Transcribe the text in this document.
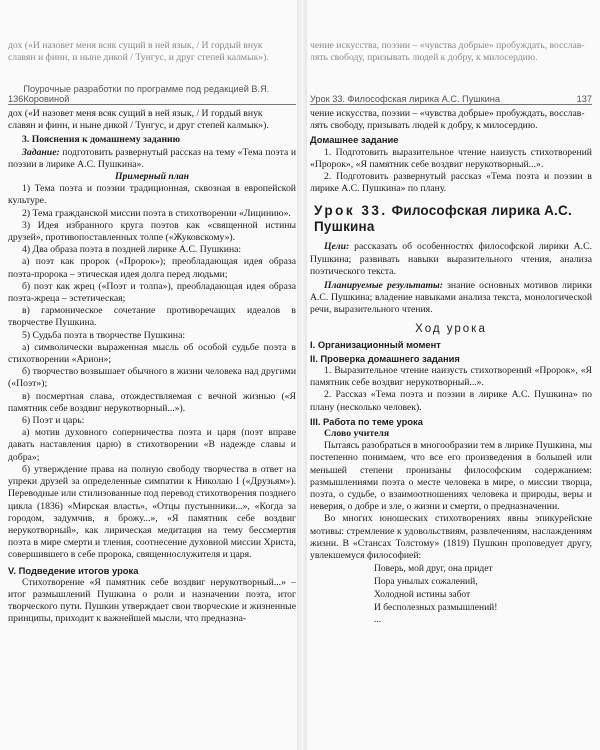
дох («И назовет меня всяк сущий в ней язык, / И гордый внук

славян и финн, и ныне дикой / Тунгус, и друг степей калмык»).

136
Поурочные разработки по программе под редакцией В.Я. Коровиной

дох («И назовет меня всяк сущий в ней язык, / И гордый внук

славян и финн, и ныне дикой / Тунгус, и друг степей калмык»).

3. Пояснения к домашнему заданию

Задание: подготовить развернутый рассказ на тему «Тема поэта и поэзии в лирике А.С. Пушкина».

Примерный план

1) Тема поэта и поэзии традиционная, сквозная в европейской культуре.

2) Тема гражданской миссии поэта в стихотворении «Лицинию».

3) Идея избранного круга поэтов как «священной истины друзей», противопоставленных толпе («Жуковскому»).

4) Два образа поэта в поздней лирике А.С. Пушкина:

а) поэт как пророк («Пророк»); преобладающая идея образа поэта-пророка – этическая идея долга перед людьми;

б) поэт как жрец («Поэт и толпа»), преобладающая идея образа поэта-жреца – эстетическая;

в) гармоническое сочетание противоречащих идеалов в творчестве Пушкина.

5) Судьба поэта в творчестве Пушкина:

а) символически выраженная мысль об особой судьбе поэта в стихотворении «Арион»;

б) творчество возвышает обычного в жизни человека над другими («Поэт»);

в) посмертная слава, отождествляемая с вечной жизнью («Я памятник себе воздвиг нерукотворный...»).

6) Поэт и царь:

а) мотив духовного соперничества поэта и царя (поэт вправе давать наставления царю) в стихотворении «В надежде славы и добра»;

б) утверждение права на полную свободу творчества в ответ на упреки друзей за определенные симпатии к Николаю I («Друзьям»). Переводные или стилизованные под перевод стихотворения позднего цикла (1836) «Мирская власть», «Отцы пустынники...», «Когда за городом, задумчив, я брожу...», «Я памятник себе воздвиг нерукотворный», как лирическая медитация на тему бессмертия поэта в мире смерти и тления, соотнесение духовной миссии Христа, совершившего в себе пророка, священнослужителя и царя.

V. Подведение итогов урока

Стихотворение «Я памятник себе воздвиг нерукотворный...» – итог размышлений Пушкина о роли и назначении поэта, итог творческого пути. Пушкин утверждает свои творческие и жизненные принципы, приходит к важнейшей мысли, что предназна-

чение искусства, поэзии – «чувства добрые» пробуждать, восслав-

лять свободу, призывать людей к добру, к милосердию.

Урок 33. Философская лирика А.С. Пушкина	137

чение искусства, поэзии – «чувства добрые» пробуждать, восслав-

лять свободу, призывать людей к добру, к милосердию.

Домашнее задание

1. Подготовить выразительное чтение наизусть стихотворений «Пророк», «Я памятник себе воздвиг нерукотворный...».

2. Подготовить развернутый рассказ «Тема поэта и поэзии в лирике А.С. Пушкина» по плану.

Урок 33. Философская лирика А.С. Пушкина

Цели: рассказать об особенностях философской лирики А.С. Пушкина; развивать навыки выразительного чтения, анализа поэтического текста.

Планируемые результаты: знание основных мотивов лирики А.С. Пушкина; владение навыками анализа текста, монологической речи, выразительного чтения.

Ход урока

I. Организационный момент

II. Проверка домашнего задания

1. Выразительное чтение наизусть стихотворений «Пророк», «Я памятник себе воздвиг нерукотворный...».

2. Рассказ «Тема поэта и поэзии в лирике А.С. Пушкина» по плану (несколько человек).

III. Работа по теме урока

Слово учителя

Пытаясь разобраться в многообразии тем в лирике Пушкина, мы постепенно понимаем, что все его произведения в большей или меньшей степени пронизаны философским содержанием: размышлениями поэта о месте человека в мире, о миссии творца, поэта, о судьбе, о взаимоотношениях человека и природы, веры и неверия, о добре и зле, о жизни и смерти, о предназначении.

Во многих юношеских стихотворениях явны эпикурейские мотивы: стремление к удовольствиям, развлечениям, наслаждениям жизни. В «Стансах Толстому» (1819) Пушкин проповедует другу, увлекшемуся философией:

Поверь, мой друг, она придет

Пора унылых сожалений,

Холодной истины забот

И бесполезных размышлений!

...
